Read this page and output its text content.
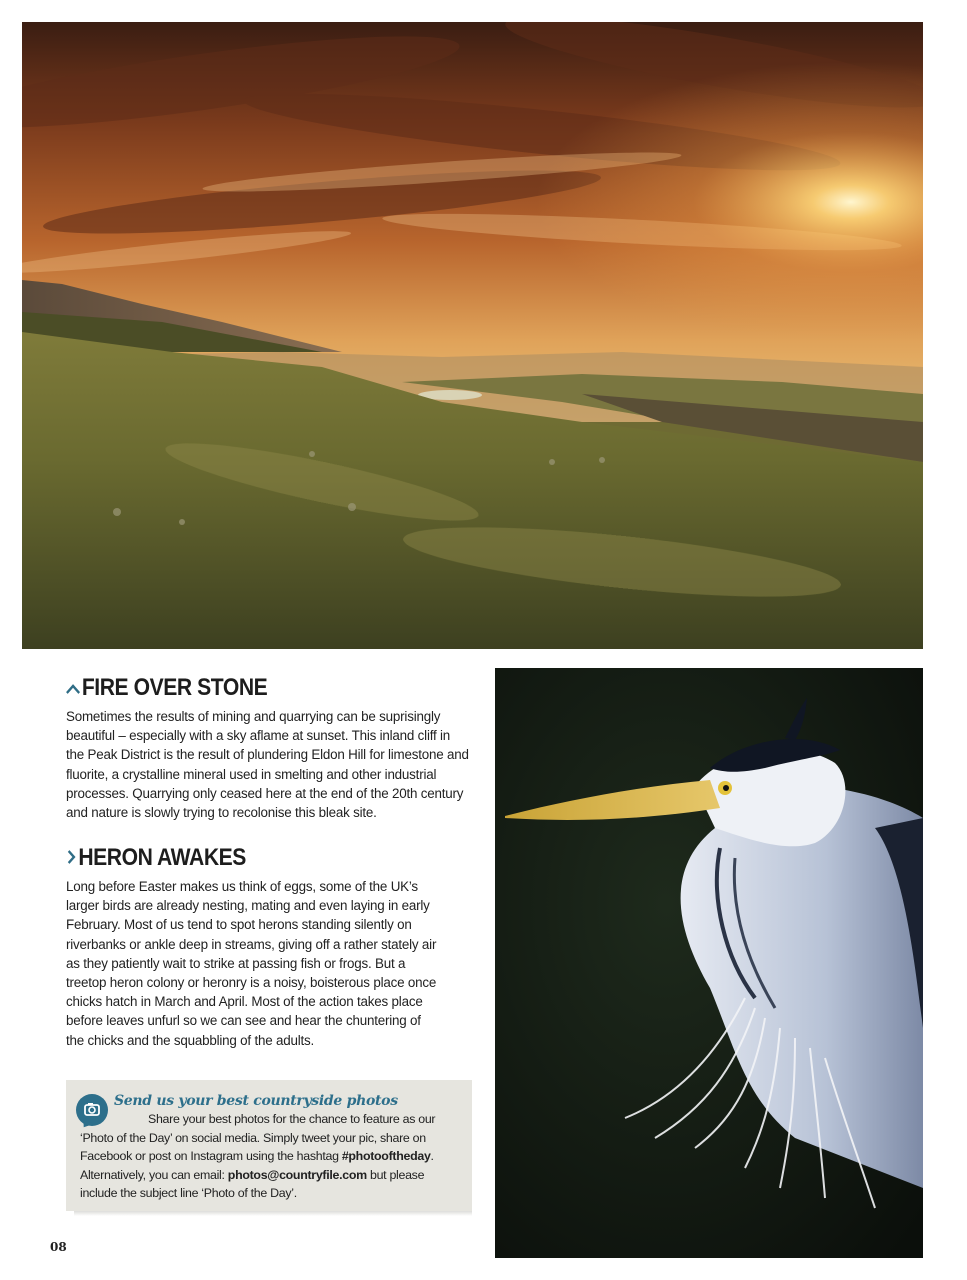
FIRE OVER STONE

Sometimes the results of mining and quarrying can be suprisingly beautiful – especially with a sky aflame at sunset. This inland cliff in the Peak District is the result of plundering Eldon Hill for limestone and fluorite, a crystalline mineral used in smelting and other industrial processes. Quarrying only ceased here at the end of the 20th century and nature is slowly trying to recolonise this bleak site.

HERON AWAKES

Long before Easter makes us think of eggs, some of the UK’s larger birds are already nesting, mating and even laying in early February. Most of us tend to spot herons standing silently on riverbanks or ankle deep in streams, giving off a rather stately air as they patiently wait to strike at passing fish or frogs. But a treetop heron colony or heronry is a noisy, boisterous place once chicks hatch in March and April. Most of the action takes place before leaves unfurl so we can see and hear the chuntering of the chicks and the squabbling of the adults.

Send us your best countryside photos
Share your best photos for the chance to feature as our ‘Photo of the Day’ on social media. Simply tweet your pic, share on Facebook or post on Instagram using the hashtag #photooftheday. Alternatively, you can email: photos@countryfile.com but please include the subject line ‘Photo of the Day’.
08
